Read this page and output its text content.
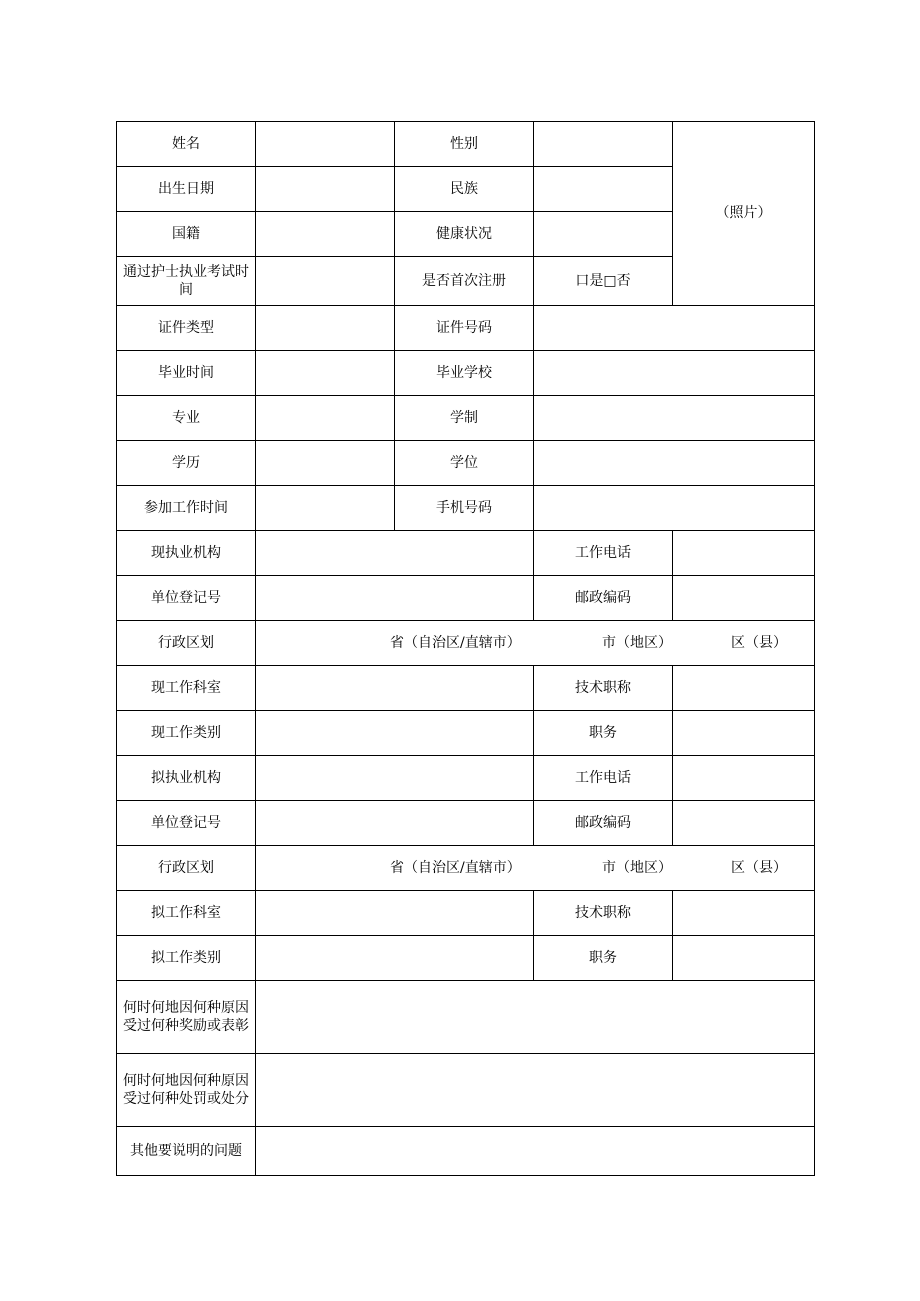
姓名		性别		（照片）
出生日期		民族		
国籍		健康状况		
通过护士执业考试时间		是否首次注册	口是□否	
证件类型		证件号码		
毕业时间		毕业学校		
专业		学制		
学历		学位		
参加工作时间		手机号码		
现执业机构			工作电话	
单位登记号			邮政编码	
行政区划	省（自治区/直辖市） 市（地区） 区（县）			

现工作科室			技术职称	
现工作类别			职务	
拟执业机构			工作电话	
单位登记号			邮政编码	
行政区划	省（自治区/直辖市） 市（地区） 区（县）			

拟工作科室			技术职称	
拟工作类别			职务	
何时何地因何种原因受过何种奖励或表彰				
何时何地因何种原因受过何种处罚或处分				
其他要说明的问题				
